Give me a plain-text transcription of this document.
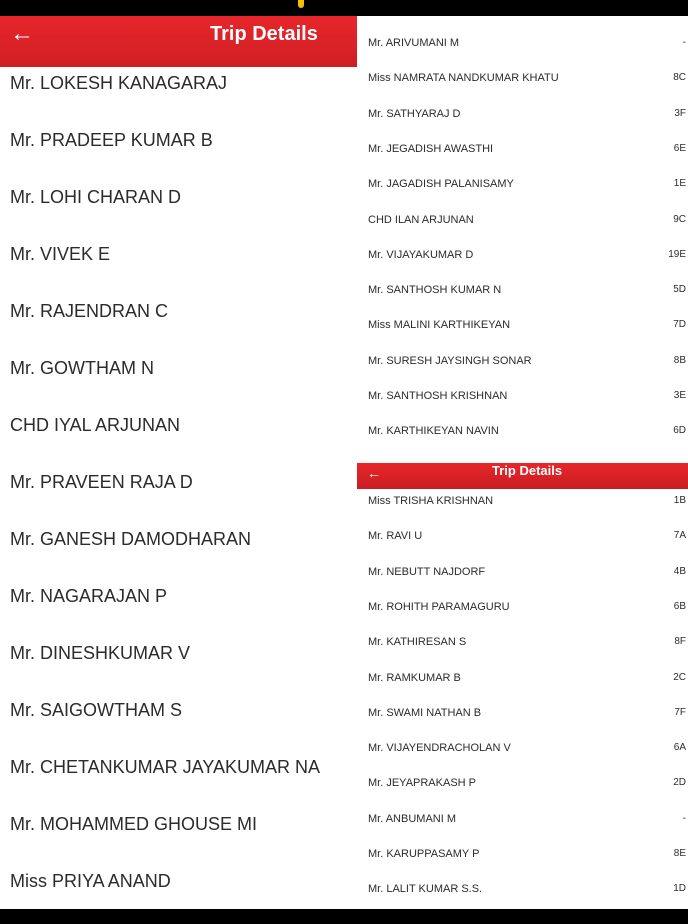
←	Trip Details
Mr. LOKESH KANAGARAJ
Mr. PRADEEP KUMAR B
Mr. LOHI CHARAN D
Mr. VIVEK E
Mr. RAJENDRAN C
Mr. GOWTHAM N
CHD IYAL ARJUNAN
Mr. PRAVEEN RAJA D
Mr. GANESH DAMODHARAN
Mr. NAGARAJAN P
Mr. DINESHKUMAR V
Mr. SAIGOWTHAM S
Mr. CHETANKUMAR JAYAKUMAR NA
Mr. MOHAMMED GHOUSE MI
Miss PRIYA ANAND
Mr. ARIVUMANI M	-
Miss NAMRATA NANDKUMAR KHATU	8C
Mr. SATHYARAJ D	3F
Mr. JEGADISH AWASTHI	6E
Mr. JAGADISH PALANISAMY	1E
CHD ILAN ARJUNAN	9C
Mr. VIJAYAKUMAR D	19E
Mr. SANTHOSH KUMAR N	5D
Miss MALINI KARTHIKEYAN	7D
Mr. SURESH JAYSINGH SONAR	8B
Mr. SANTHOSH KRISHNAN	3E
Mr. KARTHIKEYAN NAVIN	6D
←	Trip Details
Miss TRISHA KRISHNAN	1B
Mr. RAVI U	7A
Mr. NEBUTT NAJDORF	4B
Mr. ROHITH PARAMAGURU	6B
Mr. KATHIRESAN S	8F
Mr. RAMKUMAR B	2C
Mr. SWAMI NATHAN B	7F
Mr. VIJAYENDRACHOLAN V	6A
Mr. JEYAPRAKASH P	2D
Mr. ANBUMANI M	-
Mr. KARUPPASAMY P	8E
Mr. LALIT KUMAR S.S.	1D
